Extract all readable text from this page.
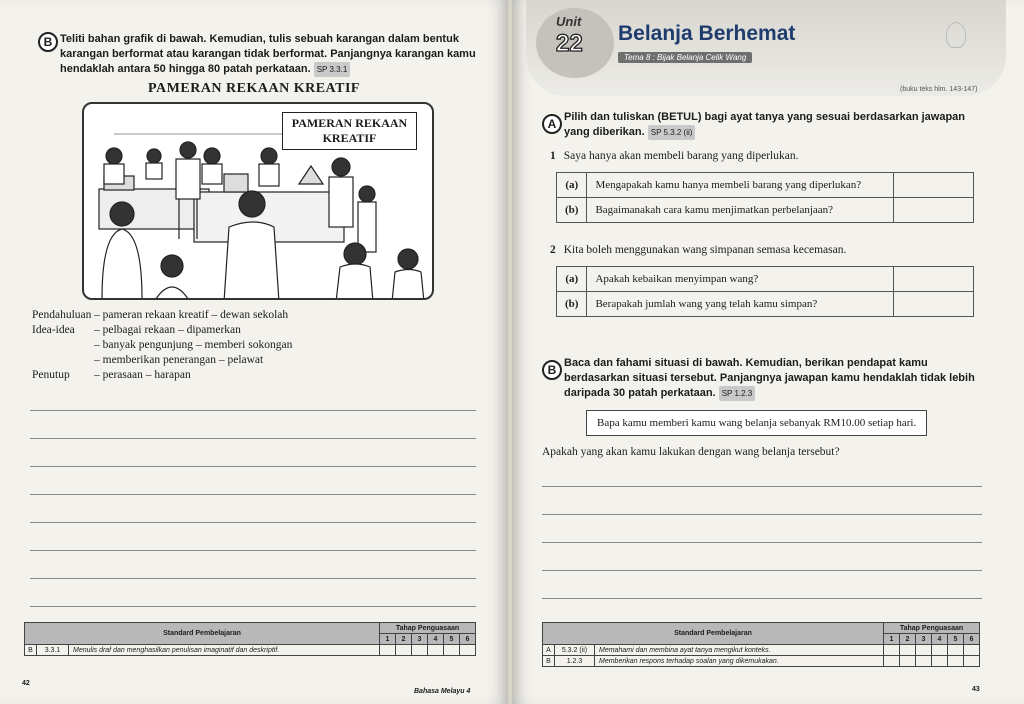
B Teliti bahan grafik di bawah. Kemudian, tulis sebuah karangan dalam bentuk karangan berformat atau karangan tidak berformat. Panjangnya karangan kamu hendaklah antara 50 hingga 80 patah perkataan. SP 3.3.1
PAMERAN REKAAN KREATIF
PAMERAN REKAAN KREATIF
Pendahuluan – pameran rekaan kreatif – dewan sekolah
Idea-idea	– pelbagai rekaan – dipamerkan
– banyak pengunjung – memberi sokongan
– memberikan penerangan – pelawat
Penutup	– perasaan – harapan
Standard Pembelajaran			Tahap Penguasaan					
			1	2	3	4	5	6
B	3.3.1	Menulis draf dan menghasilkan penulisan imaginatif dan deskriptif.						
42
Bahasa Melayu 4
Unit
22 Belanja Berhemat
Tema 8 : Bijak Belanja Celik Wang
(buku teks hlm. 143-147)
A Pilih dan tuliskan (BETUL) bagi ayat tanya yang sesuai berdasarkan jawapan yang diberikan. SP 5.3.2 (ii)
1 Saya hanya akan membeli barang yang diperlukan.
(a)	Mengapakah kamu hanya membeli barang yang diperlukan?	
(b)	Bagaimanakah cara kamu menjimatkan perbelanjaan?	
2 Kita boleh menggunakan wang simpanan semasa kecemasan.
(a)	Apakah kebaikan menyimpan wang?	
(b)	Berapakah jumlah wang yang telah kamu simpan?	
B Baca dan fahami situasi di bawah. Kemudian, berikan pendapat kamu berdasarkan situasi tersebut. Panjangnya jawapan kamu hendaklah tidak lebih daripada 30 patah perkataan. SP 1.2.3
Bapa kamu memberi kamu wang belanja sebanyak RM10.00 setiap hari.
Apakah yang akan kamu lakukan dengan wang belanja tersebut?
Standard Pembelajaran			Tahap Penguasaan					
			1	2	3	4	5	6
A	5.3.2 (ii)	Memahami dan membina ayat tanya mengikut konteks.						
B	1.2.3	Memberikan respons terhadap soalan yang dikemukakan.						
43
